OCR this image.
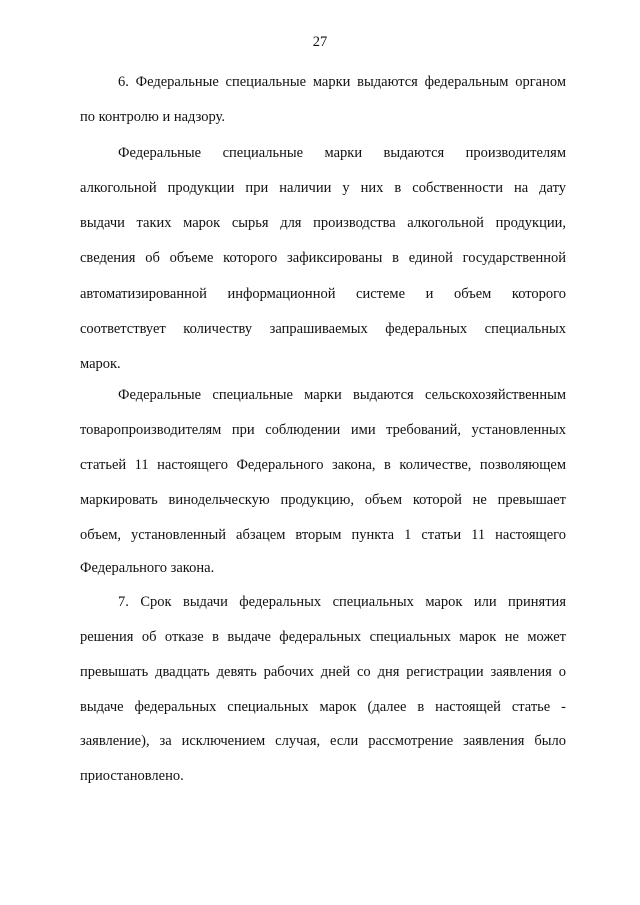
27
6. Федеральные специальные марки выдаются федеральным органом
по контролю и надзору.
Федеральные специальные марки выдаются производителям
алкогольной продукции при наличии у них в собственности на дату
выдачи таких марок сырья для производства алкогольной продукции,
сведения об объеме которого зафиксированы в единой государственной
автоматизированной информационной системе и объем которого
соответствует количеству запрашиваемых федеральных специальных
марок.
Федеральные специальные марки выдаются сельскохозяйственным
товаропроизводителям при соблюдении ими требований, установленных
статьей 11 настоящего Федерального закона, в количестве, позволяющем
маркировать винодельческую продукцию, объем которой не превышает
объем, установленный абзацем вторым пункта 1 статьи 11 настоящего
Федерального закона.
7. Срок выдачи федеральных специальных марок или принятия
решения об отказе в выдаче федеральных специальных марок не может
превышать двадцать девять рабочих дней со дня регистрации заявления о
выдаче федеральных специальных марок (далее в настоящей статье -
заявление), за исключением случая, если рассмотрение заявления было
приостановлено.
